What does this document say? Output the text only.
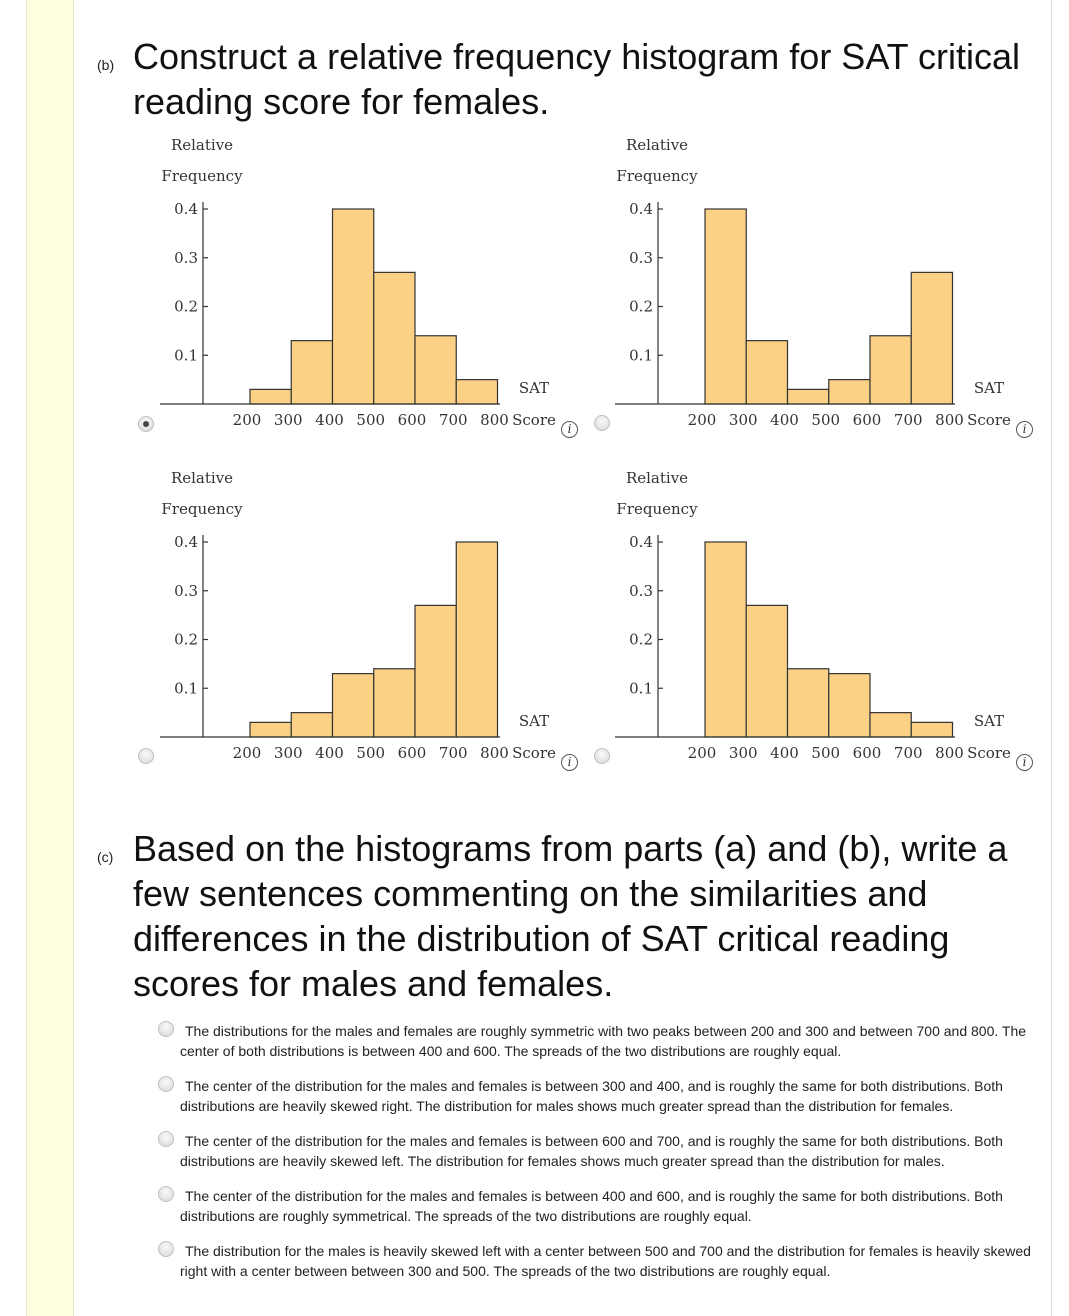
(b) Construct a relative frequency histogram for SAT critical reading score for females.

Relative
Frequency
0.1
0.2
0.3
0.4
200 300 400 500 600 700 800
SAT
Score i
Relative
Frequency
0.1
0.2
0.3
0.4
200 300 400 500 600 700 800
SAT
Score i
Relative
Frequency
0.1
0.2
0.3
0.4
200 300 400 500 600 700 800
SAT
Score i
Relative
Frequency
0.1
0.2
0.3
0.4
200 300 400 500 600 700 800
SAT
Score i
(c) Based on the histograms from parts (a) and (b), write a few sentences commenting on the similarities and differences in the distribution of SAT critical reading scores for males and females.

The distributions for the males and females are roughly symmetric with two peaks between 200 and 300 and between 700 and 800. The center of both distributions is between 400 and 600. The spreads of the two distributions are roughly equal.

The center of the distribution for the males and females is between 300 and 400, and is roughly the same for both distributions. Both distributions are heavily skewed right. The distribution for males shows much greater spread than the distribution for females.

The center of the distribution for the males and females is between 600 and 700, and is roughly the same for both distributions. Both distributions are heavily skewed left. The distribution for females shows much greater spread than the distribution for males.

The center of the distribution for the males and females is between 400 and 600, and is roughly the same for both distributions. Both distributions are roughly symmetrical. The spreads of the two distributions are roughly equal.

The distribution for the males is heavily skewed left with a center between 500 and 700 and the distribution for females is heavily skewed right with a center between between 300 and 500. The spreads of the two distributions are roughly equal.
